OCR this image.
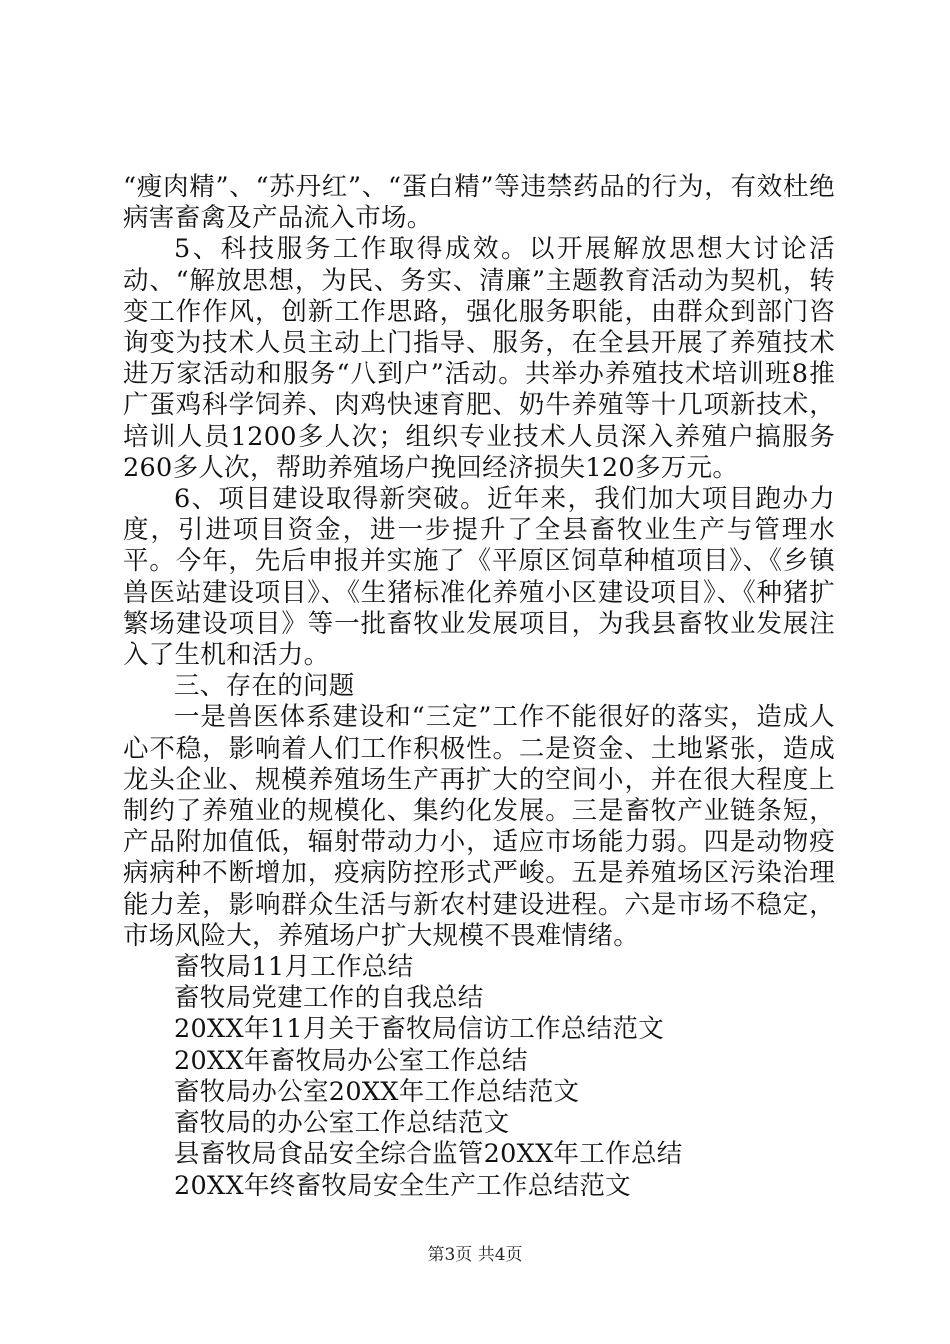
“瘦肉精”、“苏丹红”、“蛋白精”等违禁药品的行为，有效杜绝病害畜禽及产品流入市场。

5、科技服务工作取得成效。以开展解放思想大讨论活动、“解放思想，为民、务实、清廉”主题教育活动为契机，转变工作作风，创新工作思路，强化服务职能，由群众到部门咨询变为技术人员主动上门指导、服务，在全县开展了养殖技术进万家活动和服务“八到户”活动。共举办养殖技术培训班8推广蛋鸡科学饲养、肉鸡快速育肥、奶牛养殖等十几项新技术，培训人员1200多人次；组织专业技术人员深入养殖户搞服务260多人次，帮助养殖场户挽回经济损失120多万元。

6、项目建设取得新突破。近年来，我们加大项目跑办力度，引进项目资金，进一步提升了全县畜牧业生产与管理水平。今年，先后申报并实施了《平原区饲草种植项目》、《乡镇兽医站建设项目》、《生猪标准化养殖小区建设项目》、《种猪扩繁场建设项目》等一批畜牧业发展项目，为我县畜牧业发展注入了生机和活力。

三、存在的问题

一是兽医体系建设和“三定”工作不能很好的落实，造成人心不稳，影响着人们工作积极性。二是资金、土地紧张，造成龙头企业、规模养殖场生产再扩大的空间小，并在很大程度上制约了养殖业的规模化、集约化发展。三是畜牧产业链条短，产品附加值低，辐射带动力小，适应市场能力弱。四是动物疫病病种不断增加，疫病防控形式严峻。五是养殖场区污染治理能力差，影响群众生活与新农村建设进程。六是市场不稳定，市场风险大，养殖场户扩大规模不畏难情绪。

畜牧局11月工作总结
畜牧局党建工作的自我总结
20XX年11月关于畜牧局信访工作总结范文
20XX年畜牧局办公室工作总结
畜牧局办公室20XX年工作总结范文
畜牧局的办公室工作总结范文
县畜牧局食品安全综合监管20XX年工作总结
20XX年终畜牧局安全生产工作总结范文
第3页 共4页
